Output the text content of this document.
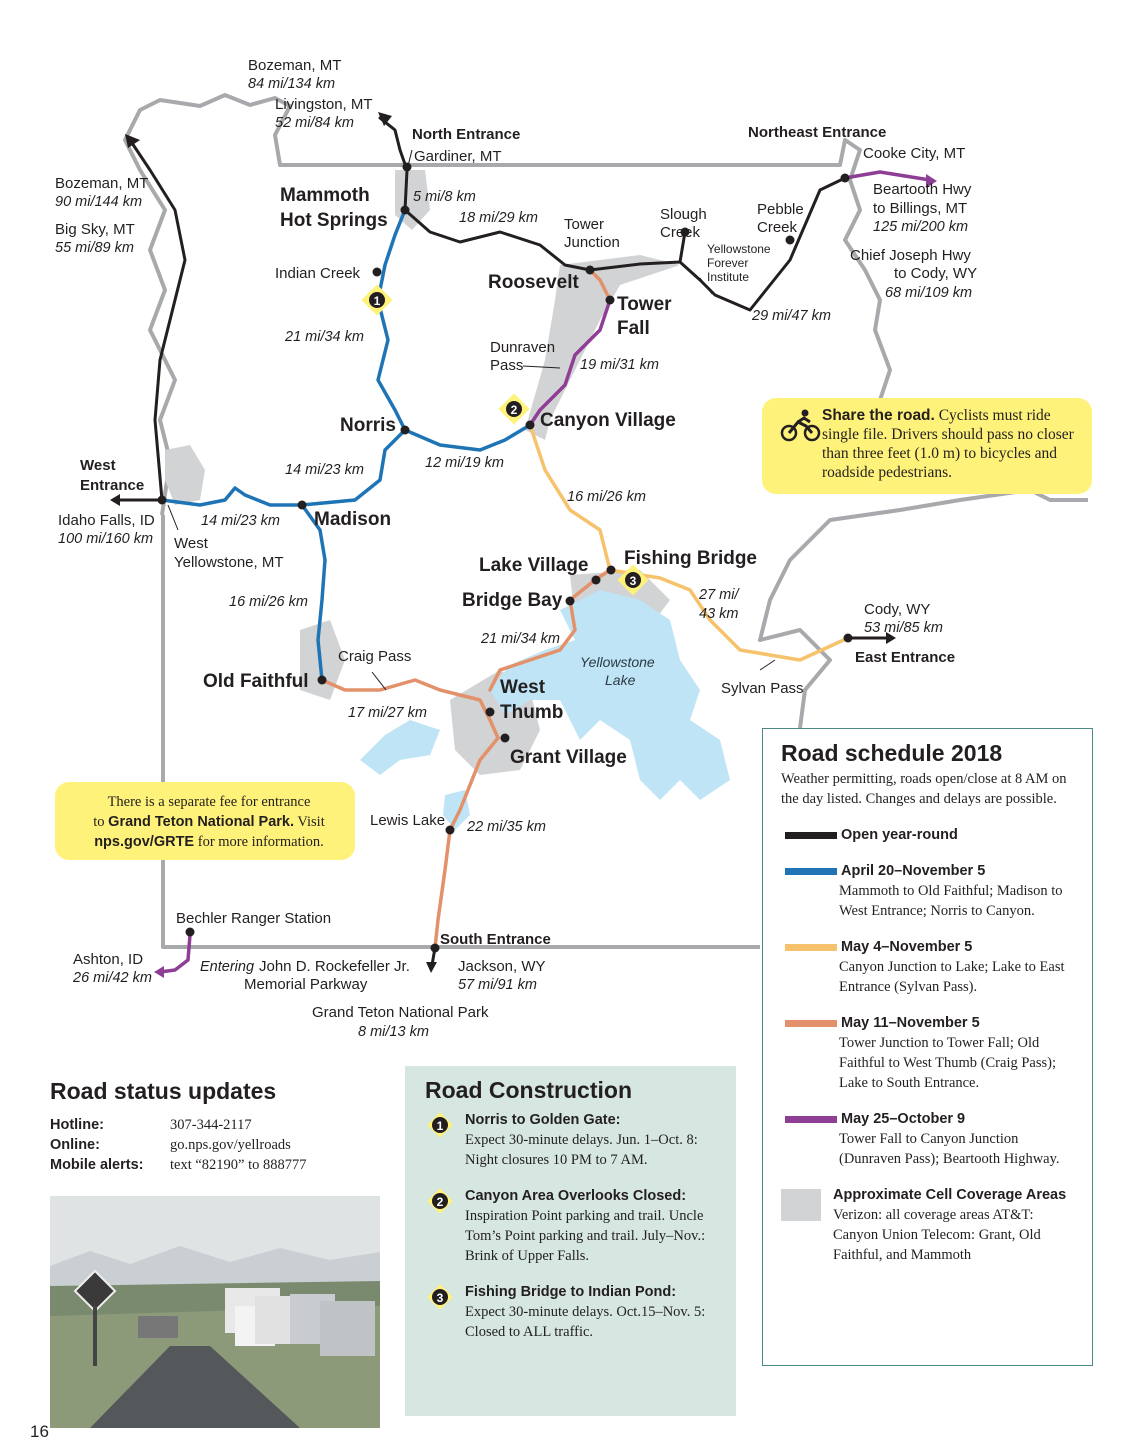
1
2
3
Bozeman, MT
84 mi/134 km
Livingston, MT
52 mi/84 km
North Entrance
Gardiner, MT
Northeast Entrance
Cooke City, MT
Beartooth Hwy
to Billings, MT
125 mi/200 km
Chief Joseph Hwy
to Cody, WY
68 mi/109 km
Bozeman, MT
90 mi/144 km
Big Sky, MT
55 mi/89 km
Mammoth
Hot Springs
Indian Creek
Tower
Junction
Slough
Creek
Pebble
Creek
Yellowstone
Forever
Institute
Roosevelt
Tower
Fall
Dunraven
Pass
Norris	Canyon Village
West
Entrance
Idaho Falls, ID
100 mi/160 km West
Yellowstone, MT
Madison
Lake Village Fishing Bridge
Bridge Bay	Cody, WY
53 mi/85 km
East Entrance
Sylvan Pass
Yellowstone
Lake
Old Faithful
Craig Pass
West
Thumb
Grant Village
Lewis Lake
Bechler Ranger Station
Ashton, ID
26 mi/42 km
South Entrance
Jackson, WY
57 mi/91 km
Entering John D. Rockefeller Jr.
Memorial Parkway
Grand Teton National Park
8 mi/13 km
5 mi/8 km
18 mi/29 km
29 mi/47 km
21 mi/34 km
19 mi/31 km
14 mi/23 km	12 mi/19 km
14 mi/23 km
16 mi/26 km
16 mi/26 km	27 mi/
43 km
21 mi/34 km
17 mi/27 km
22 mi/35 km
Share the road. Cyclists must ride single file. Drivers should pass no closer than three feet (1.0 m) to bicycles and roadside pedestrians.
There is a separate fee for entrance
to Grand Teton National Park. Visit
nps.gov/GRTE for more information.
Road schedule 2018
Weather permitting, roads open/close at 8 AM on the day listed. Changes and delays are possible.
Open year-round
April 20–November 5
Mammoth to Old Faithful; Madison to West Entrance; Norris to Canyon.
May 4–November 5
Canyon Junction to Lake; Lake to East Entrance (Sylvan Pass).
May 11–November 5
Tower Junction to Tower Fall; Old Faithful to West Thumb (Craig Pass); Lake to South Entrance.
May 25–October 9
Tower Fall to Canyon Junction (Dunraven Pass); Beartooth Highway.
Approximate Cell Coverage Areas
Verizon: all coverage areas AT&T: Canyon Union Telecom: Grant, Old Faithful, and Mammoth
Road status updates
Hotline:	307-344-2117
Online:	go.nps.gov/yellroads
Mobile alerts:	text “82190” to 888777
Road Construction
1 Norris to Golden Gate:
Expect 30-minute delays. Jun. 1–Oct. 8: Night closures 10 PM to 7 AM.
2 Canyon Area Overlooks Closed:
Inspiration Point parking and trail. Uncle Tom’s Point parking and trail. July–Nov.: Brink of Upper Falls.
3 Fishing Bridge to Indian Pond:
Expect 30-minute delays. Oct.15–Nov. 5: Closed to ALL traffic.
16
